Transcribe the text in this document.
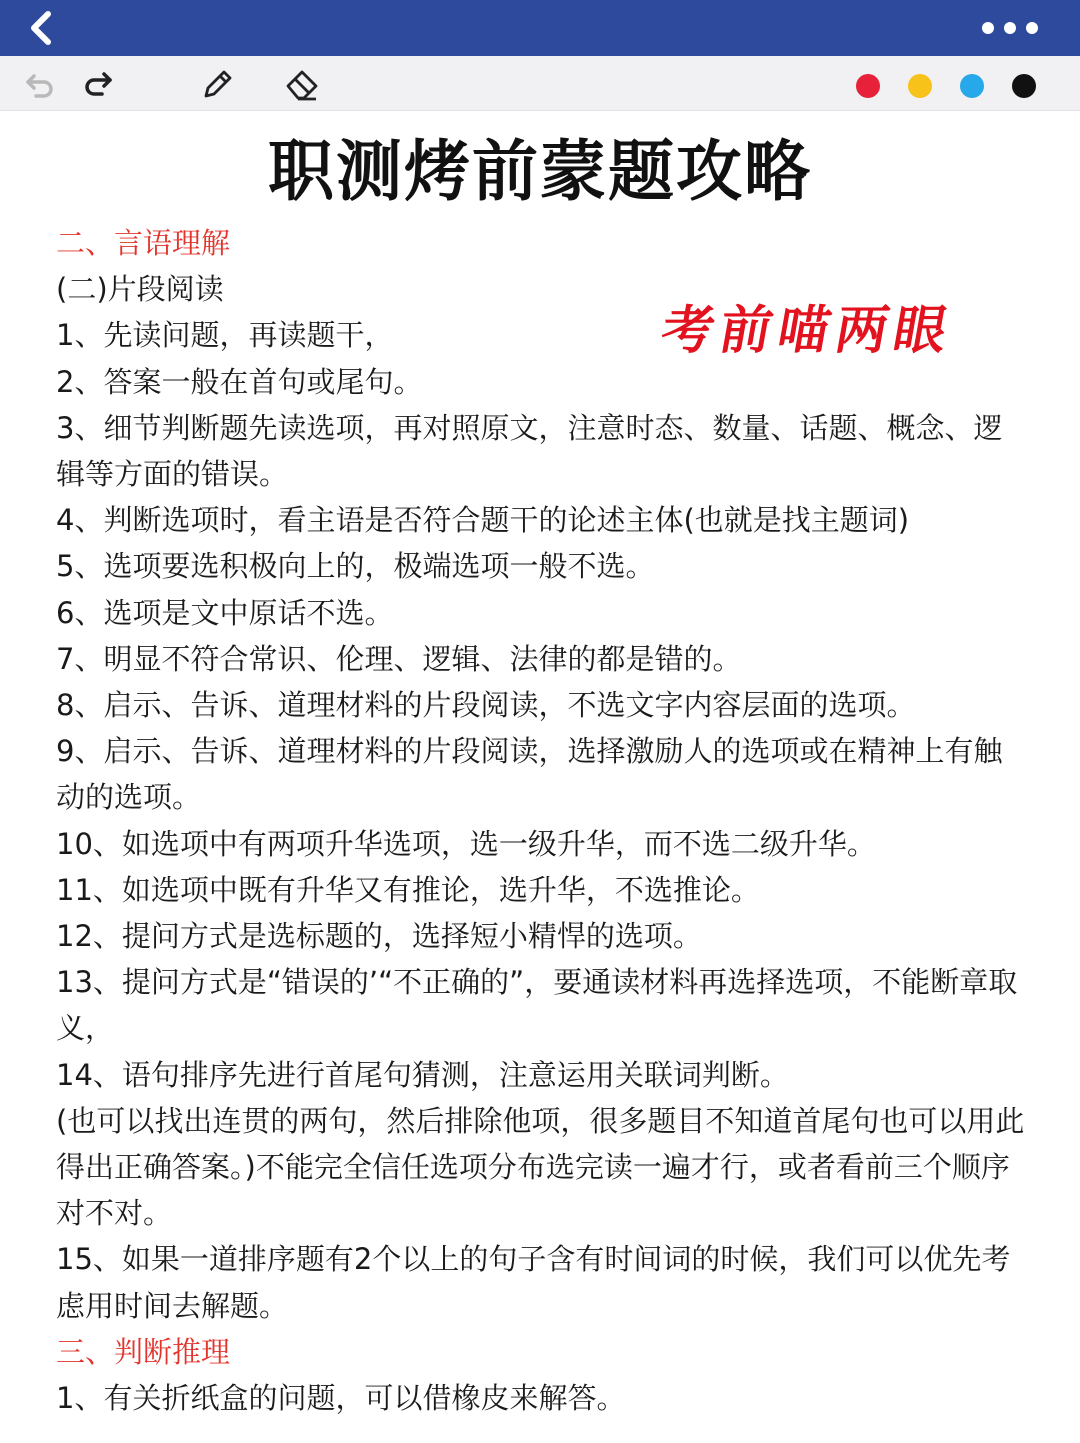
职测烤前蒙题攻略
考前喵两眼
二、言语理解
(二)片段阅读
1、先读问题，再读题干，
2、答案一般在首句或尾句。
3、细节判断题先读选项，再对照原文，注意时态、数量、话题、概念、逻辑等方面的错误。
4、判断选项时，看主语是否符合题干的论述主体(也就是找主题词)
5、选项要选积极向上的，极端选项一般不选。
6、选项是文中原话不选。
7、明显不符合常识、伦理、逻辑、法律的都是错的。
8、启示、告诉、道理材料的片段阅读，不选文字内容层面的选项。
9、启示、告诉、道理材料的片段阅读，选择激励人的选项或在精神上有触动的选项。
10、如选项中有两项升华选项，选一级升华，而不选二级升华。
11、如选项中既有升华又有推论，选升华，不选推论。
12、提问方式是选标题的，选择短小精悍的选项。
13、提问方式是“错误的’“不正确的”，要通读材料再选择选项，不能断章取义，
14、语句排序先进行首尾句猜测，注意运用关联词判断。
(也可以找出连贯的两句，然后排除他项，很多题目不知道首尾句也可以用此得出正确答案。)不能完全信任选项分布选完读一遍才行，或者看前三个顺序对不对。
15、如果一道排序题有2个以上的句子含有时间词的时候，我们可以优先考虑用时间去解题。
三、判断推理
1、有关折纸盒的问题，可以借橡皮来解答。
